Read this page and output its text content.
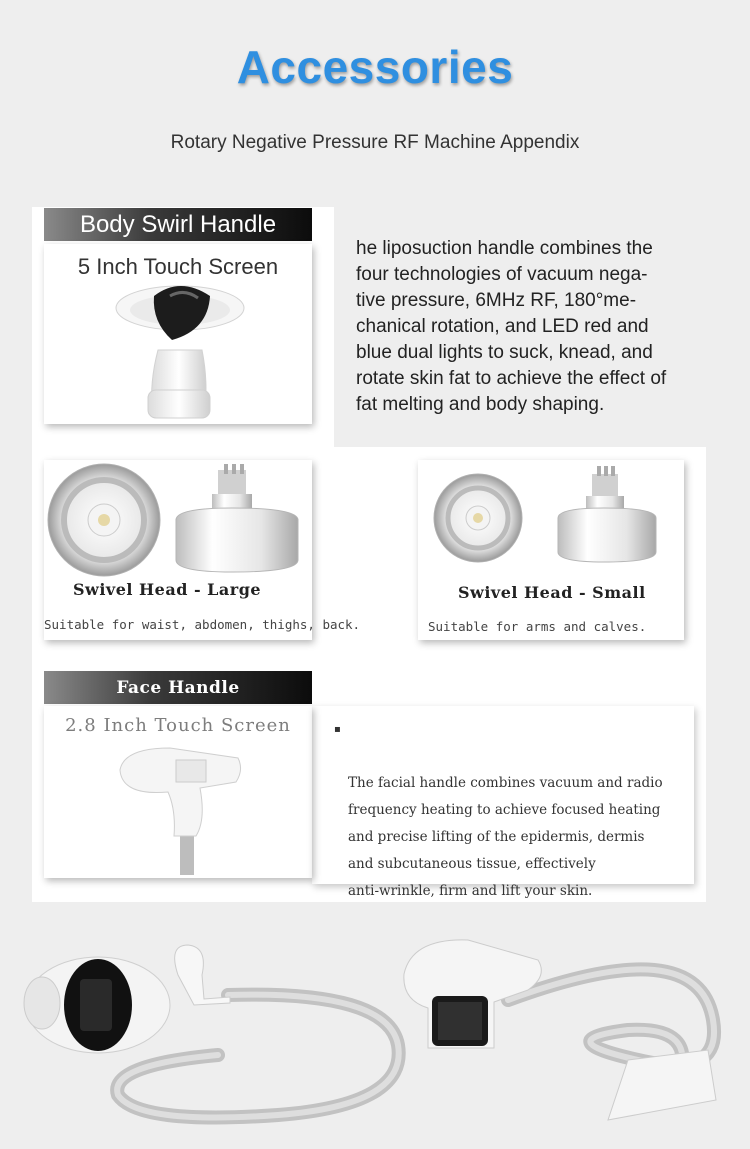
Accessories
Rotary Negative Pressure RF Machine Appendix
Body Swirl Handle
5 Inch Touch Screen
he liposuction handle combines the
four technologies of vacuum nega-
tive pressure, 6MHz RF, 180°me-
chanical rotation, and LED red and
blue dual lights to suck, knead, and
rotate skin fat to achieve the effect of
fat melting and body shaping.
Swivel Head - Large
Suitable for waist, abdomen, thighs, back.
Swivel Head - Small
Suitable for arms and calves.
Face Handle
2.8 Inch Touch Screen	▪

The facial handle combines vacuum and radio
frequency heating to achieve focused heating
and precise lifting of the epidermis, dermis
and subcutaneous tissue, effectively
anti-wrinkle, firm and lift your skin.
